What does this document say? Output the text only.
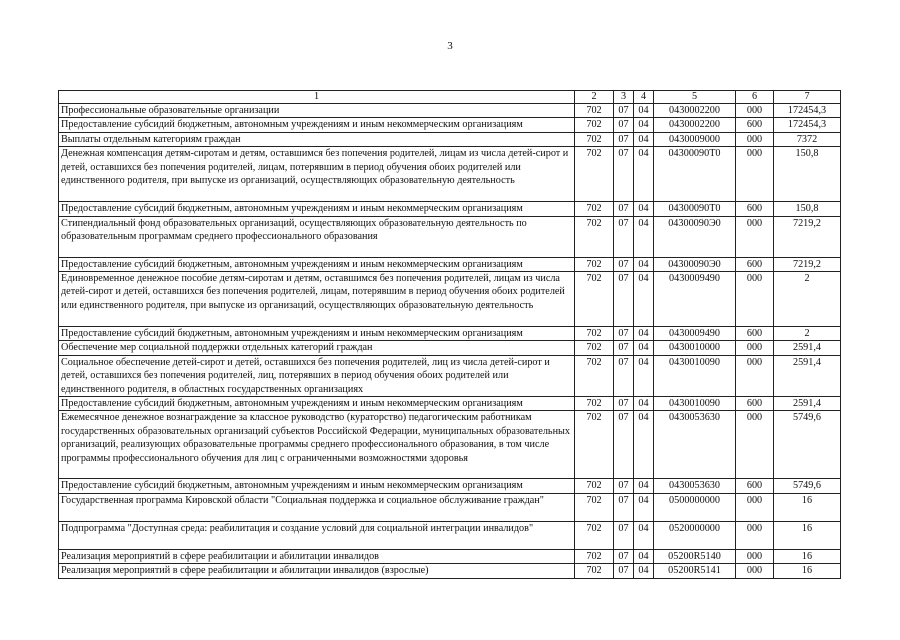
3
1	2	3	4	5	6	7
Профессиональные образовательные организации	702	07	04	0430002200	000	172454,3
Предоставление субсидий бюджетным, автономным учреждениям и иным некоммерческим организациям	702	07	04	0430002200	600	172454,3
Выплаты отдельным категориям граждан	702	07	04	0430009000	000	7372
Денежная компенсация детям-сиротам и детям, оставшимся без попечения родителей, лицам из числа детей-сирот и детей, оставшихся без попечения родителей, лицам, потерявшим в период обучения обоих родителей или единственного родителя, при выпуске из организаций, осуществляющих образовательную деятельность	702	07	04	04300090Т0	000	150,8
Предоставление субсидий бюджетным, автономным учреждениям и иным некоммерческим организациям	702	07	04	04300090Т0	600	150,8
Стипендиальный фонд образовательных организаций, осуществляющих образовательную деятельность по образовательным программам среднего профессионального образования	702	07	04	04300090Э0	000	7219,2
Предоставление субсидий бюджетным, автономным учреждениям и иным некоммерческим организациям	702	07	04	04300090Э0	600	7219,2
Единовременное денежное пособие детям-сиротам и детям, оставшимся без попечения родителей, лицам из числа детей-сирот и детей, оставшихся без попечения родителей, лицам, потерявшим в период обучения обоих родителей или единственного родителя, при выпуске из организаций, осуществляющих образовательную деятельность	702	07	04	0430009490	000	2
Предоставление субсидий бюджетным, автономным учреждениям и иным некоммерческим организациям	702	07	04	0430009490	600	2
Обеспечение мер социальной поддержки отдельных категорий граждан	702	07	04	0430010000	000	2591,4
Социальное обеспечение детей-сирот и детей, оставшихся без попечения родителей, лиц из числа детей-сирот и детей, оставшихся без попечения родителей, лиц, потерявших в период обучения обоих родителей или единственного родителя, в областных государственных организациях	702	07	04	0430010090	000	2591,4
Предоставление субсидий бюджетным, автономным учреждениям и иным некоммерческим организациям	702	07	04	0430010090	600	2591,4
Ежемесячное денежное вознаграждение за классное руководство (кураторство) педагогическим работникам государственных образовательных организаций субъектов Российской Федерации, муниципальных образовательных организаций, реализующих образовательные программы среднего профессионального образования, в том числе программы профессионального обучения для лиц с ограниченными возможностями здоровья	702	07	04	0430053630	000	5749,6
Предоставление субсидий бюджетным, автономным учреждениям и иным некоммерческим организациям	702	07	04	0430053630	600	5749,6
Государственная программа Кировской области "Социальная поддержка и социальное обслуживание граждан"	702	07	04	0500000000	000	16
Подпрограмма "Доступная среда: реабилитация и создание условий для социальной интеграции инвалидов"	702	07	04	0520000000	000	16
Реализация мероприятий в сфере реабилитации и абилитации инвалидов	702	07	04	05200R5140	000	16
Реализация мероприятий в сфере реабилитации и абилитации инвалидов (взрослые)	702	07	04	05200R5141	000	16
